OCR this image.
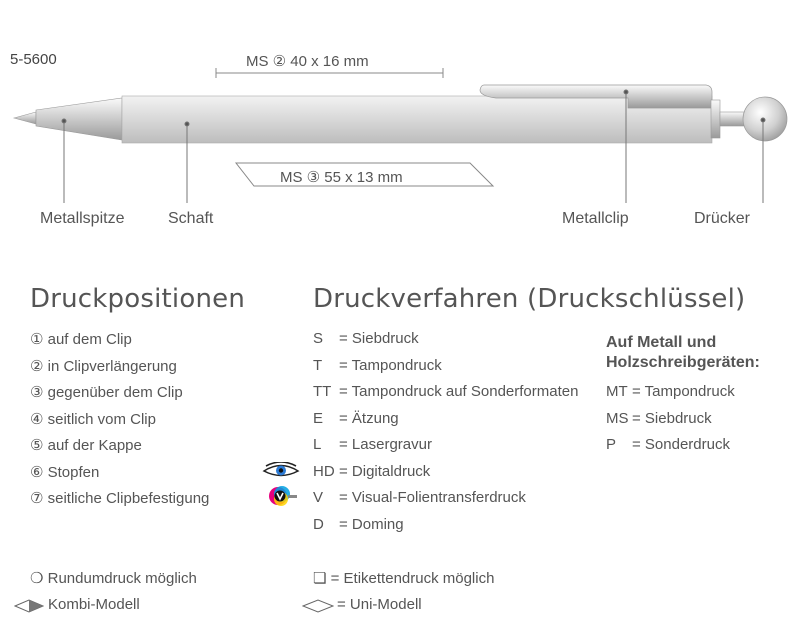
5-5600	MS ② 40 x 16 mm
MS ③ 55 x 13 mm
Metallspitze	Schaft	Metallclip	Drücker
Druckpositionen
① auf dem Clip
② in Clipverlängerung
③ gegenüber dem Clip
④ seitlich vom Clip
⑤ auf der Kappe
⑥ Stopfen
⑦ seitliche Clipbefestigung
Druckverfahren (Druckschlüssel)
S = Siebdruck
T = Tampondruck
TT = Tampondruck auf Sonderformaten
E = Ätzung
L = Lasergravur
HD = Digitaldruck
V = Visual-Folientransferdruck
D = Doming
Auf Metall und Holzschreibgeräten:
MT = Tampondruck
MS = Siebdruck
P = Sonderdruck
❍ Rundumdruck möglich	❏ = Etikettendruck möglich
Kombi-Modell	= Uni-Modell
